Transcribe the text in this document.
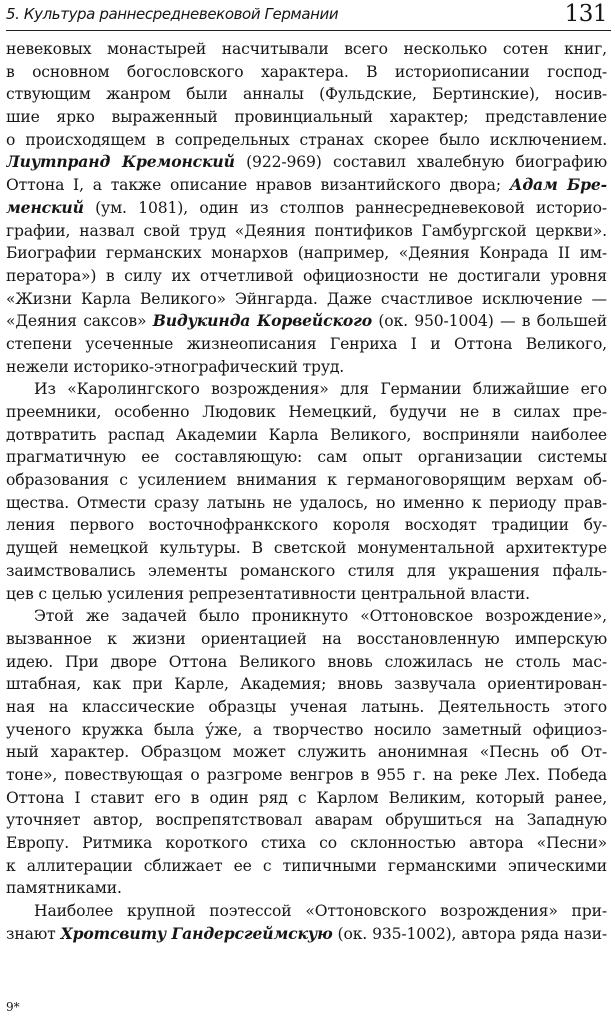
5. Культура раннесредневековой Германии	131
невековых монастырей насчитывали всего несколько сотен книг,
в основном богословского характера. В историописании господ-
ствующим жанром были анналы (Фульдские, Бертинские), носив-
шие ярко выраженный провинциальный характер; представление
о происходящем в сопредельных странах скорее было исключением.
Лиутпранд Кремонский (922-969) составил хвалебную биографию
Оттона I, а также описание нравов византийского двора; Адам Бре-
менский (ум. 1081), один из столпов раннесредневековой историо-
графии, назвал свой труд «Деяния понтификов Гамбургской церкви».
Биографии германских монархов (например, «Деяния Конрада II им-
ператора») в силу их отчетливой официозности не достигали уровня
«Жизни Карла Великого» Эйнгарда. Даже счастливое исключение —
«Деяния саксов» Видукинда Корвейского (ок. 950-1004) — в большей
степени усеченные жизнеописания Генриха I и Оттона Великого,
нежели историко-этнографический труд.
Из «Каролингского возрождения» для Германии ближайшие его
преемники, особенно Людовик Немецкий, будучи не в силах пре-
дотвратить распад Академии Карла Великого, восприняли наиболее
прагматичную ее составляющую: сам опыт организации системы
образования с усилением внимания к германоговорящим верхам об-
щества. Отмести сразу латынь не удалось, но именно к периоду прав-
ления первого восточнофранкского короля восходят традиции бу-
дущей немецкой культуры. В светской монументальной архитектуре
заимствовались элементы романского стиля для украшения пфаль-
цев с целью усиления репрезентативности центральной власти.
Этой же задачей было проникнуто «Оттоновское возрождение»,
вызванное к жизни ориентацией на восстановленную имперскую
идею. При дворе Оттона Великого вновь сложилась не столь мас-
штабная, как при Карле, Академия; вновь зазвучала ориентирован-
ная на классические образцы ученая латынь. Деятельность этого
ученого кружка была у́же, а творчество носило заметный официоз-
ный характер. Образцом может служить анонимная «Песнь об От-
тоне», повествующая о разгроме венгров в 955 г. на реке Лех. Победа
Оттона I ставит его в один ряд с Карлом Великим, который ранее,
уточняет автор, воспрепятствовал аварам обрушиться на Западную
Европу. Ритмика короткого стиха со склонностью автора «Песни»
к аллитерации сближает ее с типичными германскими эпическими
памятниками.
Наиболее крупной поэтессой «Оттоновского возрождения» при-
знают Хротсвиту Гандерсгеймскую (ок. 935-1002), автора ряда нази-
9*
